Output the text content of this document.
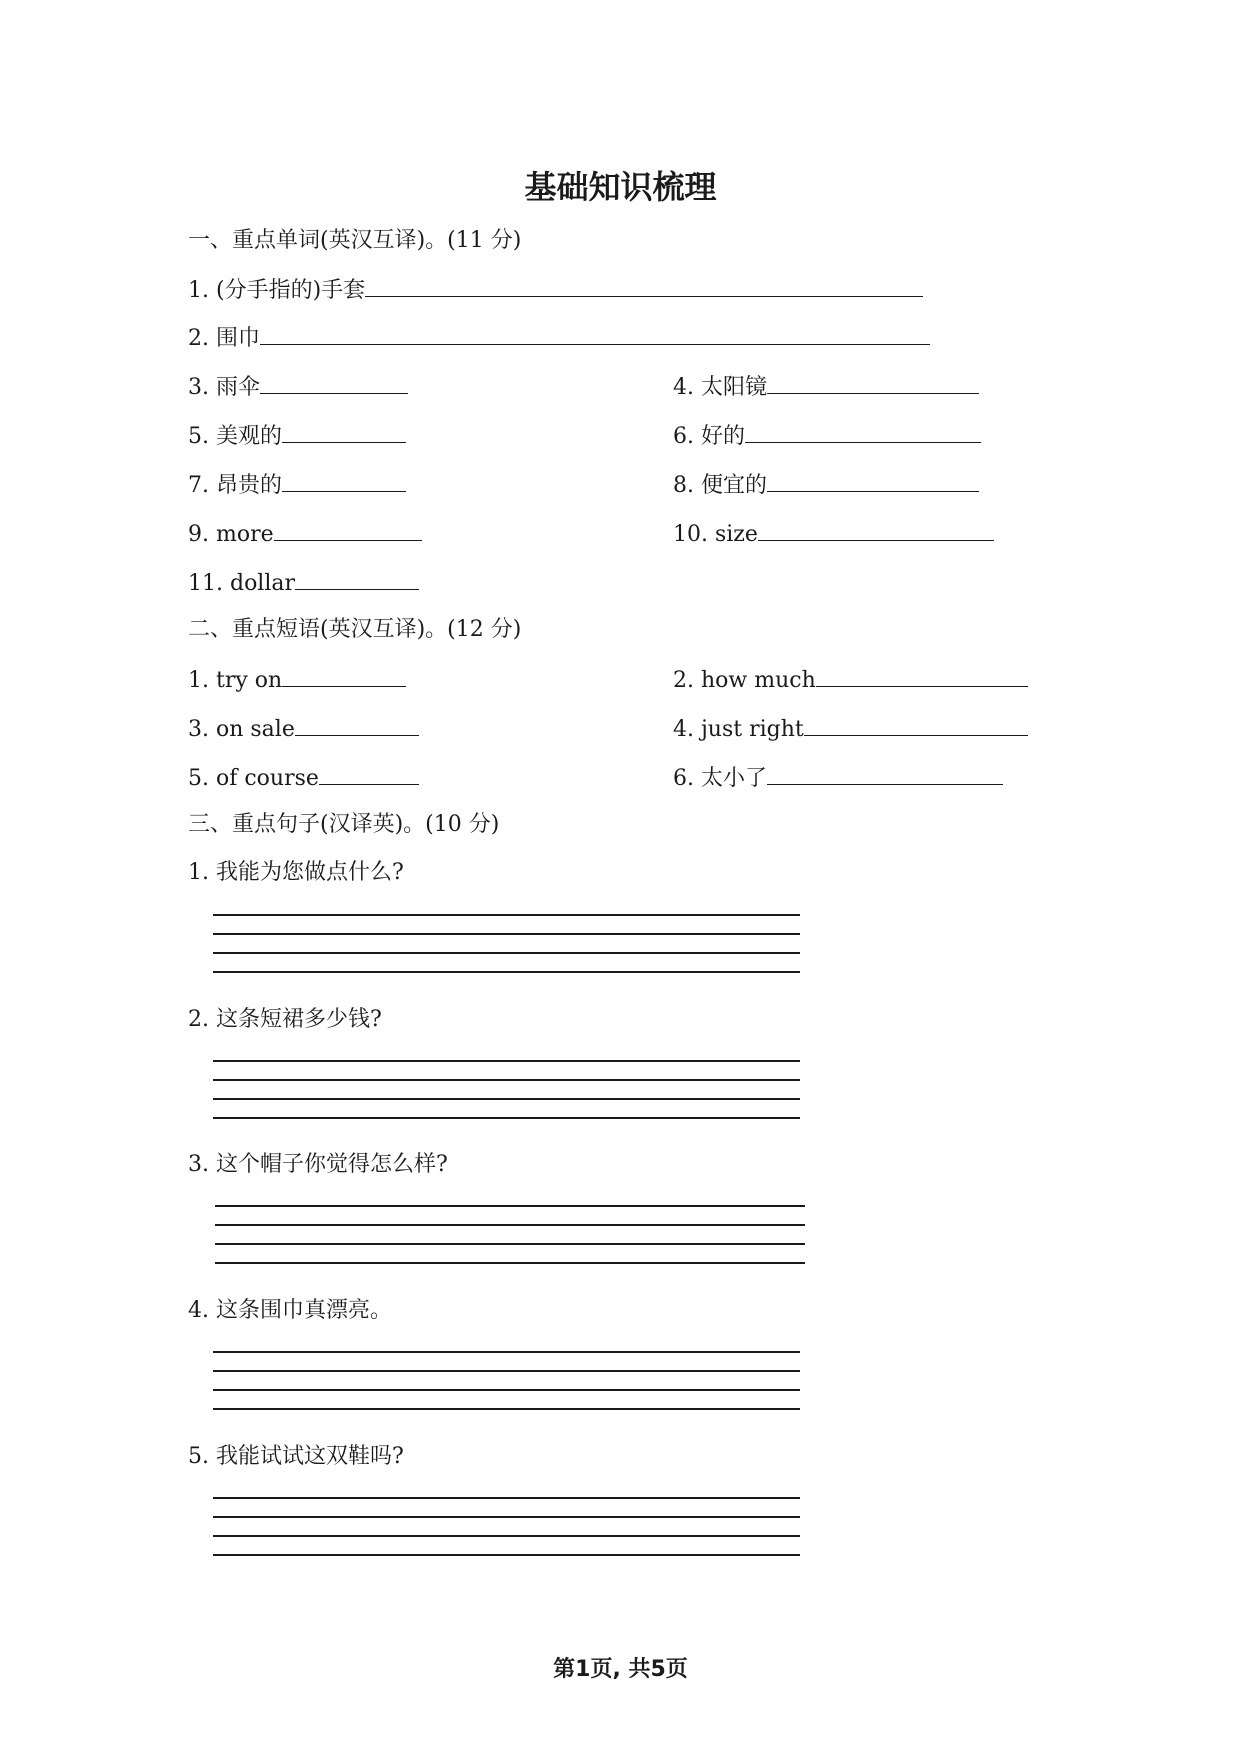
基础知识梳理
一、重点单词(英汉互译)。(11 分)
1. (分手指的)手套
2. 围巾
3. 雨伞	4. 太阳镜
5. 美观的	6. 好的
7. 昂贵的	8. 便宜的
9. more	10. size
11. dollar
二、重点短语(英汉互译)。(12 分)
1. try on	2. how much
3. on sale	4. just right
5. of course	6. 太小了
三、重点句子(汉译英)。(10 分)
1. 我能为您做点什么?
2. 这条短裙多少钱?
3. 这个帽子你觉得怎么样?
4. 这条围巾真漂亮。
5. 我能试试这双鞋吗?
第1页, 共5页
